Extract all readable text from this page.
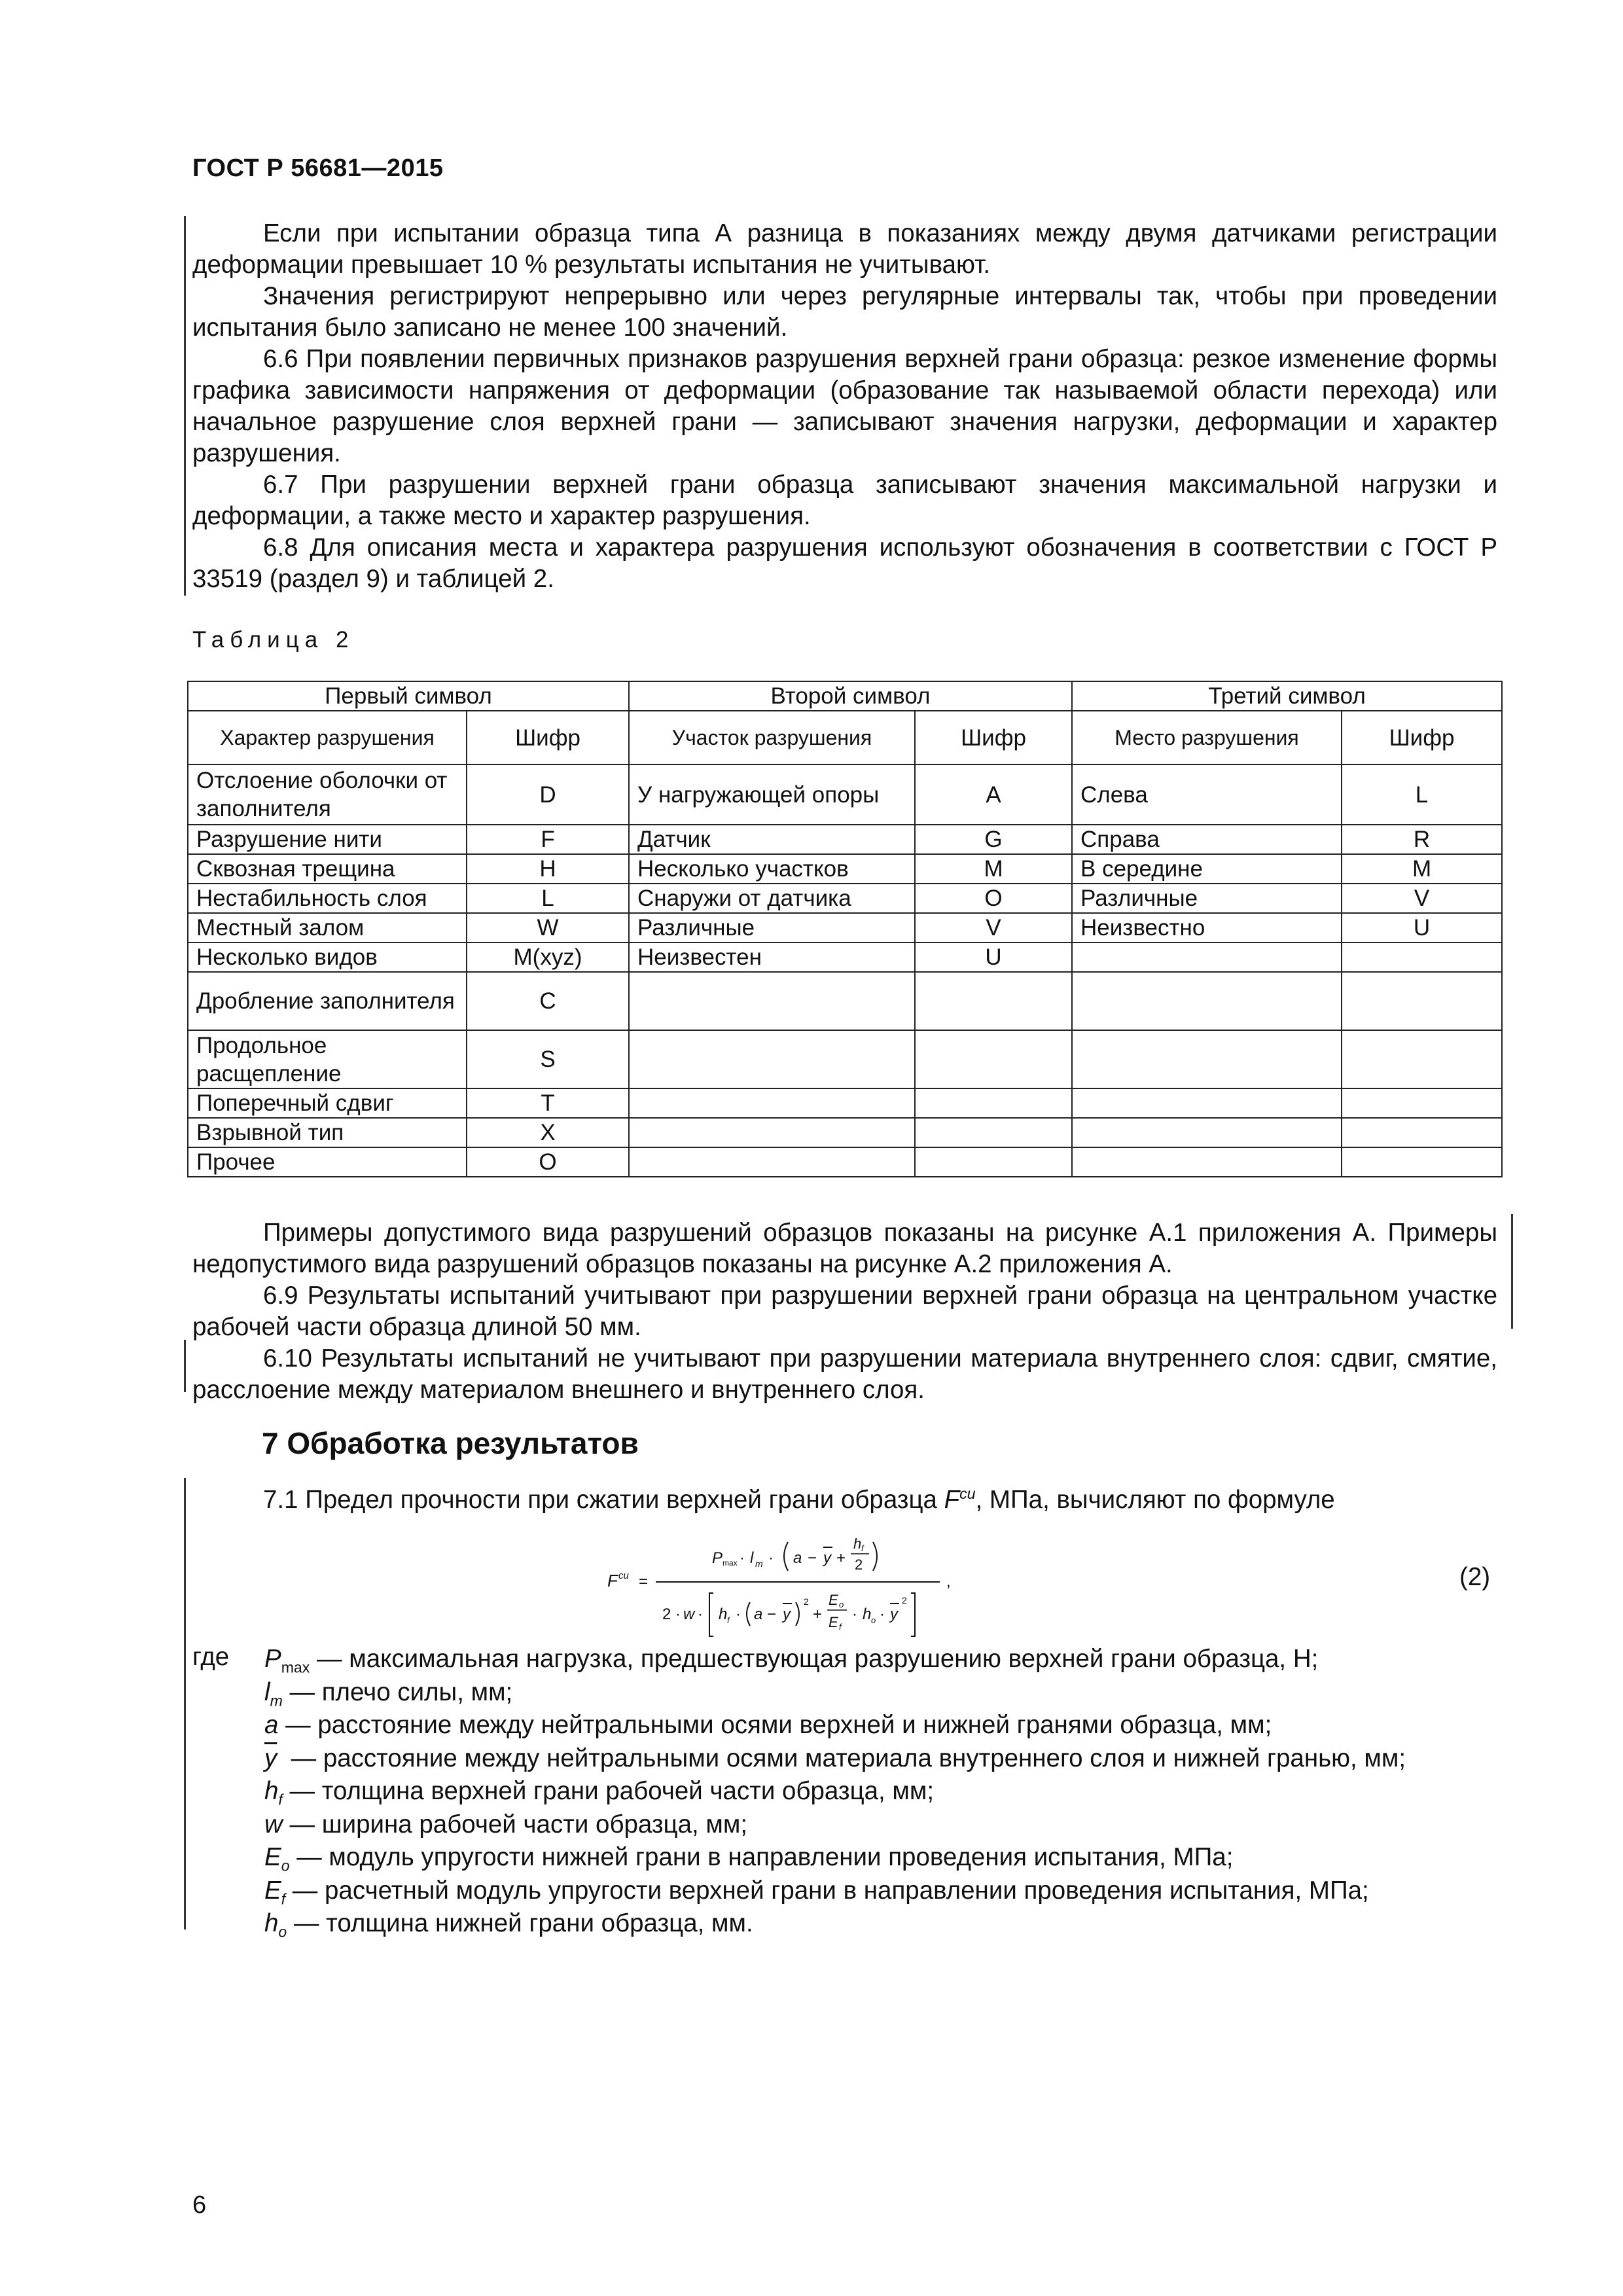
ГОСТ Р 56681—2015

Если при испытании образца типа А разница в показаниях между двумя датчиками регистрации деформации превышает 10 % результаты испытания не учитывают.

Значения регистрируют непрерывно или через регулярные интервалы так, чтобы при проведении испытания было записано не менее 100 значений.

6.6 При появлении первичных признаков разрушения верхней грани образца: резкое изменение формы графика зависимости напряжения от деформации (образование так называемой области перехода) или начальное разрушение слоя верхней грани — записывают значения нагрузки, деформации и характер разрушения.

6.7 При разрушении верхней грани образца записывают значения максимальной нагрузки и деформации, а также место и характер разрушения.

6.8 Для описания места и характера разрушения используют обозначения в соответствии с ГОСТ Р 33519 (раздел 9) и таблицей 2.

Таблица 2
Первый символ		Второй символ		Третий символ	
Характер разрушения	Шифр	Участок разрушения	Шифр	Место разрушения	Шифр
Отслоение оболочки от заполнителя	D	У нагружающей опоры	A	Слева	L
Разрушение нити	F	Датчик	G	Справа	R
Сквозная трещина	H	Несколько участков	M	В середине	M
Нестабильность слоя	L	Снаружи от датчика	O	Различные	V
Местный залом	W	Различные	V	Неизвестно	U
Несколько видов	M(xyz)	Неизвестен	U		
Дробление заполнителя	C				
Продольное расщепление	S				
Поперечный сдвиг	T				
Взрывной тип	X				
Прочее	O				

Примеры допустимого вида разрушений образцов показаны на рисунке А.1 приложения А. Примеры недопустимого вида разрушений образцов показаны на рисунке А.2 приложения А.

6.9 Результаты испытаний учитывают при разрушении верхней грани образца на центральном участке рабочей части образца длиной 50 мм.

6.10 Результаты испытаний не учитывают при разрушении материала внутреннего слоя: сдвиг, смятие, расслоение между материалом внешнего и внутреннего слоя.

7 Обработка результатов
7.1 Предел прочности при сжатии верхней грани образца $F^{cu}$, МПа, вычисляют по формуле
F cu =	,
P max · l m · a − y +
h f
2
2 · w · h f · a − y
2
+
E o
E f
· h o · y
2
(2)
где $P_{max}$ — максимальная нагрузка, предшествующая разрушению верхней грани образца, Н;
$l_m$ — плечо силы, мм;
a — расстояние между нейтральными осями верхней и нижней гранями образца, мм;
$\overline{y}$  — расстояние между нейтральными осями материала внутреннего слоя и нижней гранью, мм;
$h_f$ — толщина верхней грани рабочей части образца, мм;
w — ширина рабочей части образца, мм;
$E_o$ — модуль упругости нижней грани в направлении проведения испытания, МПа;
$E_f$ — расчетный модуль упругости верхней грани в направлении проведения испытания, МПа;
$h_o$ — толщина нижней грани образца, мм.
6
